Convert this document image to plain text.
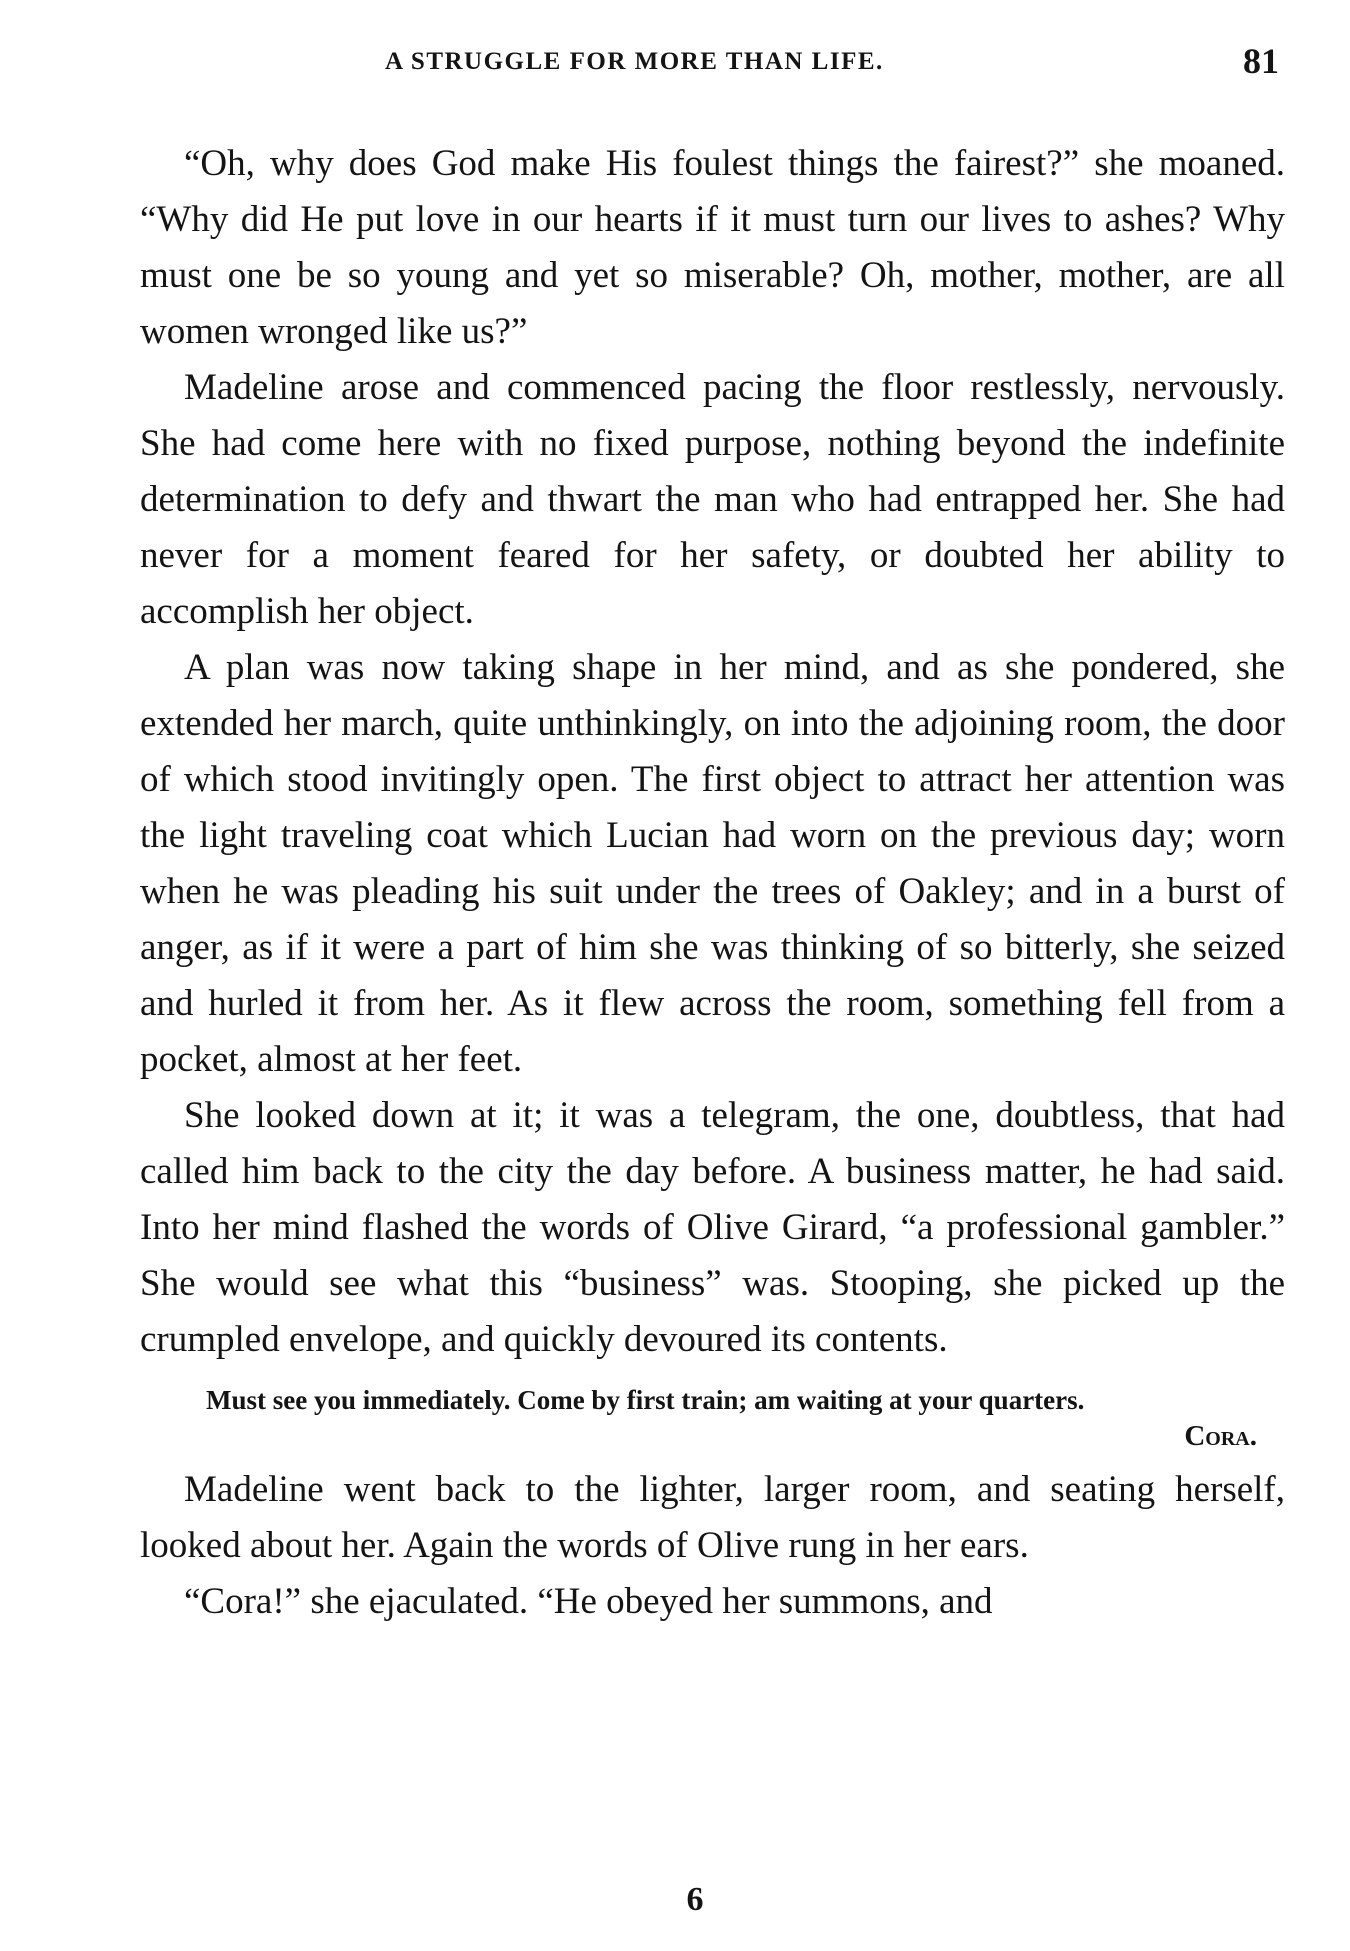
A STRUGGLE FOR MORE THAN LIFE.	81

“Oh, why does God make His foulest things the fairest?” she moaned. “Why did He put love in our hearts if it must turn our lives to ashes? Why must one be so young and yet so miserable? Oh, mother, mother, are all women wronged like us?”

Madeline arose and commenced pacing the floor restlessly, nervously. She had come here with no fixed purpose, nothing beyond the indefinite determination to defy and thwart the man who had entrapped her. She had never for a moment feared for her safety, or doubted her ability to accomplish her object.

A plan was now taking shape in her mind, and as she pondered, she extended her march, quite unthinkingly, on into the adjoining room, the door of which stood invitingly open. The first object to attract her attention was the light traveling coat which Lucian had worn on the previous day; worn when he was pleading his suit under the trees of Oakley; and in a burst of anger, as if it were a part of him she was thinking of so bitterly, she seized and hurled it from her. As it flew across the room, something fell from a pocket, almost at her feet.

She looked down at it; it was a telegram, the one, doubtless, that had called him back to the city the day before. A business matter, he had said. Into her mind flashed the words of Olive Girard, “a professional gambler.” She would see what this “business” was. Stooping, she picked up the crumpled envelope, and quickly devoured its contents.

Must see you immediately. Come by first train; am waiting at your quarters.

Cora.

Madeline went back to the lighter, larger room, and seating herself, looked about her. Again the words of Olive rung in her ears.

“Cora!” she ejaculated. “He obeyed her summons, and

6
